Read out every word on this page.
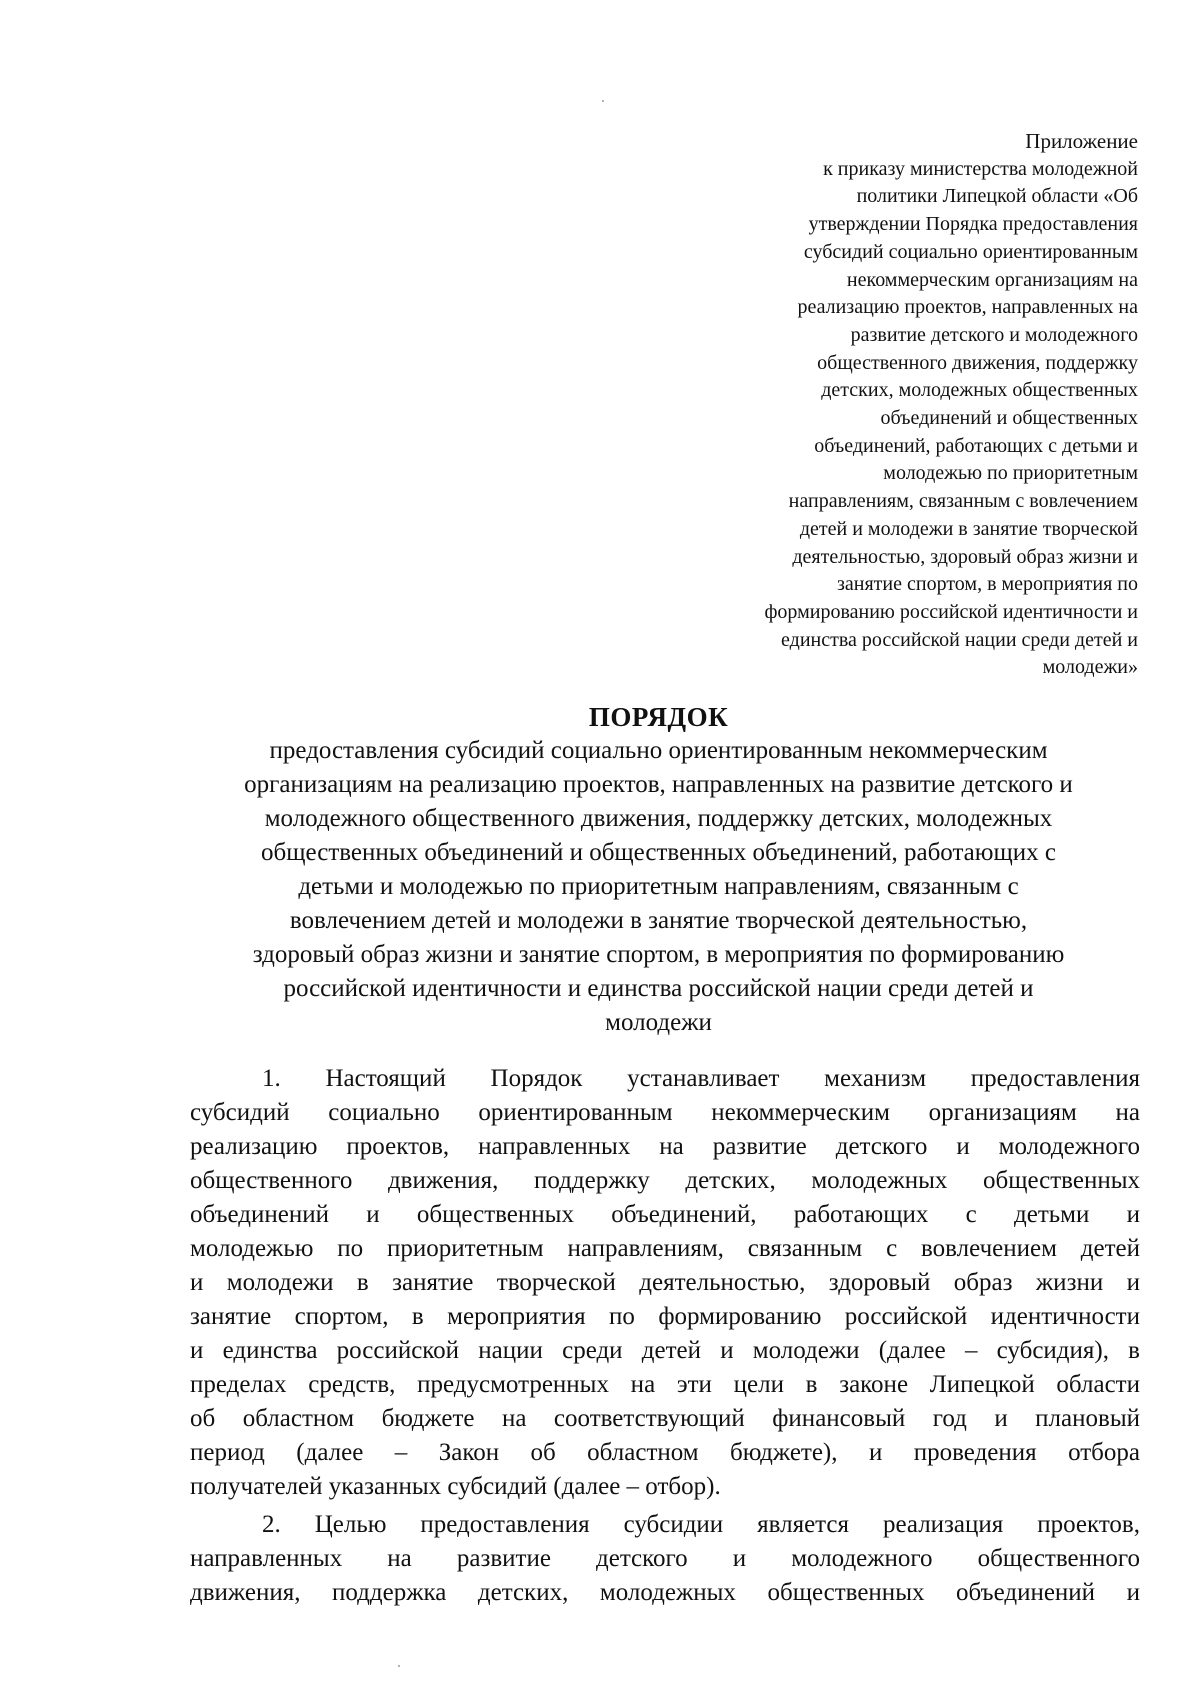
Приложение
к приказу министерства молодежной
политики Липецкой области «Об
утверждении Порядка предоставления
субсидий социально ориентированным
некоммерческим организациям на
реализацию проектов, направленных на
развитие детского и молодежного
общественного движения, поддержку
детских, молодежных общественных
объединений и общественных
объединений, работающих с детьми и
молодежью по приоритетным
направлениям, связанным с вовлечением
детей и молодежи в занятие творческой
деятельностью, здоровый образ жизни и
занятие спортом, в мероприятия по
формированию российской идентичности и
единства российской нации среди детей и
молодежи»
ПОРЯДОК
предоставления субсидий социально ориентированным некоммерческим
организациям на реализацию проектов, направленных на развитие детского и
молодежного общественного движения, поддержку детских, молодежных
общественных объединений и общественных объединений, работающих с
детьми и молодежью по приоритетным направлениям, связанным с
вовлечением детей и молодежи в занятие творческой деятельностью,
здоровый образ жизни и занятие спортом, в мероприятия по формированию
российской идентичности и единства российской нации среди детей и
молодежи
1. Настоящий Порядок устанавливает механизм предоставления
субсидий социально ориентированным некоммерческим организациям на
реализацию проектов, направленных на развитие детского и молодежного
общественного движения, поддержку детских, молодежных общественных
объединений и общественных объединений, работающих с детьми и
молодежью по приоритетным направлениям, связанным с вовлечением детей
и молодежи в занятие творческой деятельностью, здоровый образ жизни и
занятие спортом, в мероприятия по формированию российской идентичности
и единства российской нации среди детей и молодежи (далее – субсидия), в
пределах средств, предусмотренных на эти цели в законе Липецкой области
об областном бюджете на соответствующий финансовый год и плановый
период (далее – Закон об областном бюджете), и проведения отбора
получателей указанных субсидий (далее – отбор).
2. Целью предоставления субсидии является реализация проектов,
направленных на развитие детского и молодежного общественного
движения, поддержка детских, молодежных общественных объединений и
